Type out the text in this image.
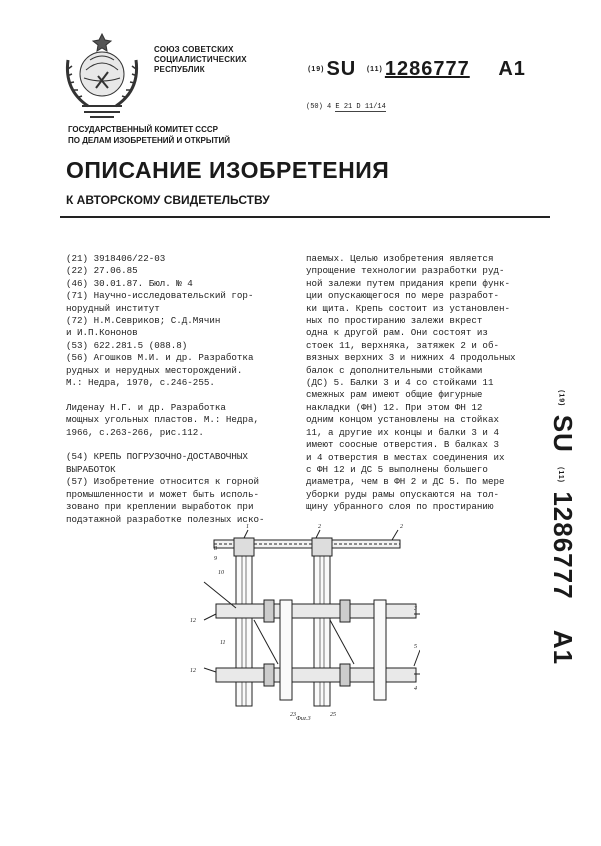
СОЮЗ СОВЕТСКИХ
СОЦИАЛИСТИЧЕСКИХ
РЕСПУБЛИК	(19) SU (11) 1286777 A1
(50) 4 E 21 D 11/14
ГОСУДАРСТВЕННЫЙ КОМИТЕТ СССР
ПО ДЕЛАМ ИЗОБРЕТЕНИЙ И ОТКРЫТИЙ
ОПИСАНИЕ ИЗОБРЕТЕНИЯ
К АВТОРСКОМУ СВИДЕТЕЛЬСТВУ
(21) 3918406/22-03
(22) 27.06.85
(46) 30.01.87. Бюл. № 4
(71) Научно-исследовательский гор-
норудный институт
(72) Н.М.Севриков; С.Д.Мячин
и И.П.Кононов
(53) 622.281.5 (088.8)
(56) Агошков М.И. и др. Разработка
рудных и нерудных месторождений.
М.: Недра, 1970, с.246-255.
Лиденау Н.Г. и др. Разработка
мощных угольных пластов. М.: Недра,
1966, с.263-266, рис.112.
(54) КРЕПЬ ПОГРУЗОЧНО-ДОСТАВОЧНЫХ
ВЫРАБОТОК
(57) Изобретение относится к горной
промышленности и может быть исполь-
зовано при креплении выработок при
подэтажной разработке полезных иско-
паемых. Целью изобретения является
упрощение технологии разработки руд-
ной залежи путем придания крепи функ-
ции опускающегося по мере разработ-
ки щита. Крепь состоит из установлен-
ных по простиранию залежи вкрест
одна к другой рам. Они состоят из
стоек 11, верхняка, затяжек 2 и об-
вязных верхних 3 и нижних 4 продольных
балок с дополнительными стойками
(ДС) 5. Балки 3 и 4 со стойками 11
смежных рам имеют общие фигурные
накладки (ФН) 12. При этом ФН 12
одним концом установлены на стойках
11, а другие их концы и балки 3 и 4
имеют соосные отверстия. В балках 3
и 4 отверстия в местах соединения их
с ФН 12 и ДС 5 выполнены большего
диаметра, чем в ФН 2 и ДС 5. По мере
уборки руды рамы опускаются на тол-
щину убранного слоя по простиранию
(19) SU (11) 1286777 A1
1	2	2
3
4
5
8
9
10
11
12
12
23	25
Фиг.3
